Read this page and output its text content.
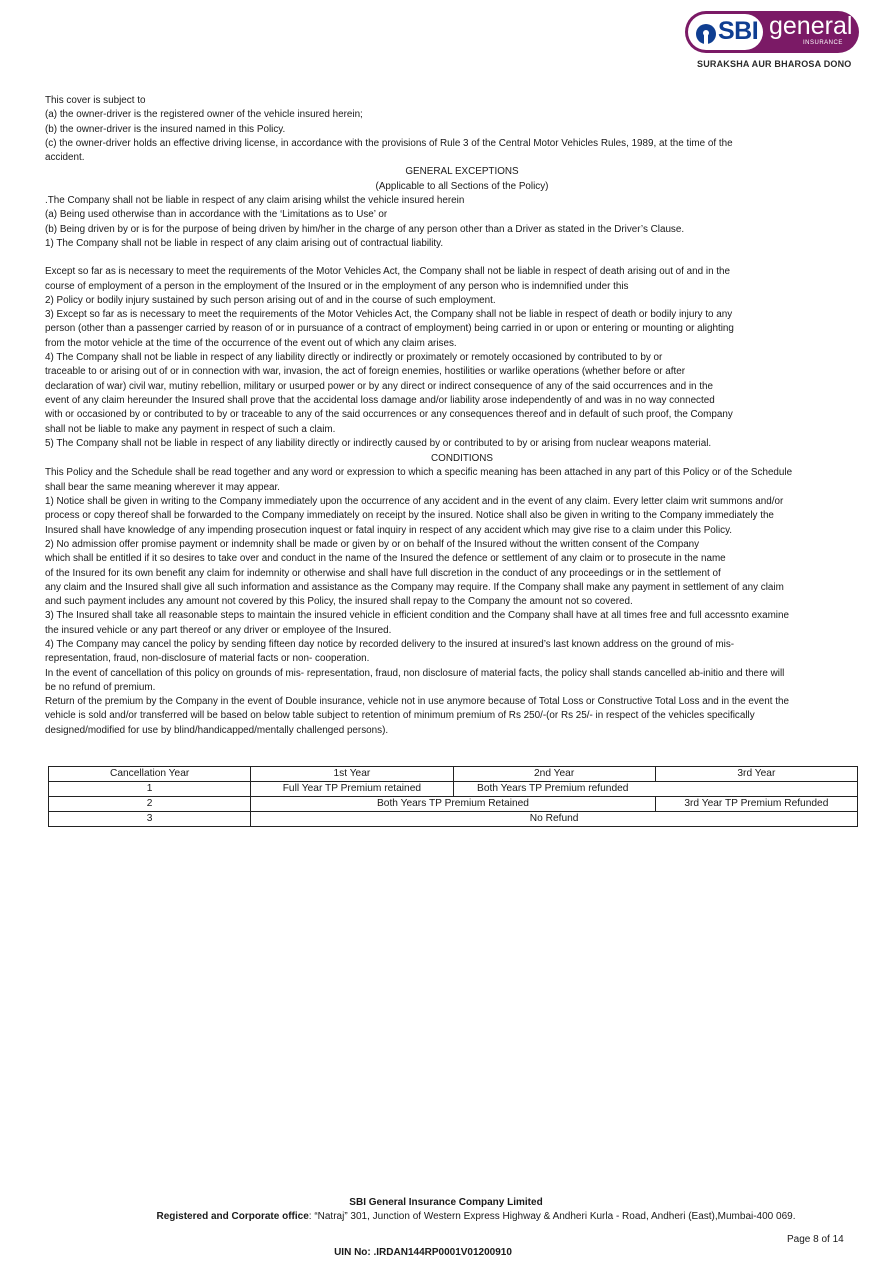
SBI general
INSURANCE
SURAKSHA AUR BHAROSA DONO

This cover is subject to
(a) the owner-driver is the registered owner of the vehicle insured herein;
(b) the owner-driver is the insured named in this Policy.
(c) the owner-driver holds an effective driving license, in accordance with the provisions of Rule 3 of the Central Motor Vehicles Rules, 1989, at the time of the
accident.

GENERAL EXCEPTIONS

(Applicable to all Sections of the Policy)

.The Company shall not be liable in respect of any claim arising whilst the vehicle insured herein
(a) Being used otherwise than in accordance with the ‘Limitations as to Use’ or
(b) Being driven by or is for the purpose of being driven by him/her in the charge of any person other than a Driver as stated in the Driver’s Clause.
1) The Company shall not be liable in respect of any claim arising out of contractual liability.

Except so far as is necessary to meet the requirements of the Motor Vehicles Act, the Company shall not be liable in respect of death arising out of and in the
course of employment of a person in the employment of the Insured or in the employment of any person who is indemnified under this
2) Policy or bodily injury sustained by such person arising out of and in the course of such employment.
3) Except so far as is necessary to meet the requirements of the Motor Vehicles Act, the Company shall not be liable in respect of death or bodily injury to any
person (other than a passenger carried by reason of or in pursuance of a contract of employment) being carried in or upon or entering or mounting or alighting
from the motor vehicle at the time of the occurrence of the event out of which any claim arises.
4) The Company shall not be liable in respect of any liability directly or indirectly or proximately or remotely occasioned by contributed to by or
traceable to or arising out of or in connection with war, invasion, the act of foreign enemies, hostilities or warlike operations (whether before or after
declaration of war) civil war, mutiny rebellion, military or usurped power or by any direct or indirect consequence of any of the said occurrences and in the
event of any claim hereunder the Insured shall prove that the accidental loss damage and/or liability arose independently of and was in no way connected
with or occasioned by or contributed to by or traceable to any of the said occurrences or any consequences thereof and in default of such proof, the Company
shall not be liable to make any payment in respect of such a claim.
5) The Company shall not be liable in respect of any liability directly or indirectly caused by or contributed to by or arising from nuclear weapons material.

CONDITIONS

This Policy and the Schedule shall be read together and any word or expression to which a specific meaning has been attached in any part of this Policy or of the Schedule
shall bear the same meaning wherever it may appear.
1) Notice shall be given in writing to the Company immediately upon the occurrence of any accident and in the event of any claim. Every letter claim writ summons and/or
process or copy thereof shall be forwarded to the Company immediately on receipt by the insured. Notice shall also be given in writing to the Company immediately the
Insured shall have knowledge of any impending prosecution inquest or fatal inquiry in respect of any accident which may give rise to a claim under this Policy.
2) No admission offer promise payment or indemnity shall be made or given by or on behalf of the Insured without the written consent of the Company
which shall be entitled if it so desires to take over and conduct in the name of the Insured the defence or settlement of any claim or to prosecute in the name
of the Insured for its own benefit any claim for indemnity or otherwise and shall have full discretion in the conduct of any proceedings or in the settlement of
any claim and the Insured shall give all such information and assistance as the Company may require. If the Company shall make any payment in settlement of any claim
and such payment includes any amount not covered by this Policy, the insured shall repay to the Company the amount not so covered.
3) The Insured shall take all reasonable steps to maintain the insured vehicle in efficient condition and the Company shall have at all times free and full accessnto examine
the insured vehicle or any part thereof or any driver or employee of the Insured.
4) The Company may cancel the policy by sending fifteen day notice by recorded delivery to the insured at insured’s last known address on the ground of mis-
representation, fraud, non-disclosure of material facts or non- cooperation.
In the event of cancellation of this policy on grounds of mis- representation, fraud, non disclosure of material facts, the policy shall stands cancelled ab-initio and there will
be no refund of premium.
Return of the premium by the Company in the event of Double insurance, vehicle not in use anymore because of Total Loss or Constructive Total Loss and in the event the
vehicle is sold and/or transferred will be based on below table subject to retention of minimum premium of Rs 250/-(or Rs 25/- in respect of the vehicles specifically
designed/modified for use by blind/handicapped/mentally challenged persons).

Cancellation Year	1st Year	2nd Year	3rd Year
1	Full Year TP Premium retained	Both Years TP Premium refunded	
2	Both Years TP Premium Retained		3rd Year TP Premium Refunded
3	No Refund		
SBI General Insurance Company Limited
Registered and Corporate office: “Natraj” 301, Junction of Western Express Highway & Andheri Kurla - Road, Andheri (East),Mumbai-400 069.
Page 8 of 14
UIN No: .IRDAN144RP0001V01200910
